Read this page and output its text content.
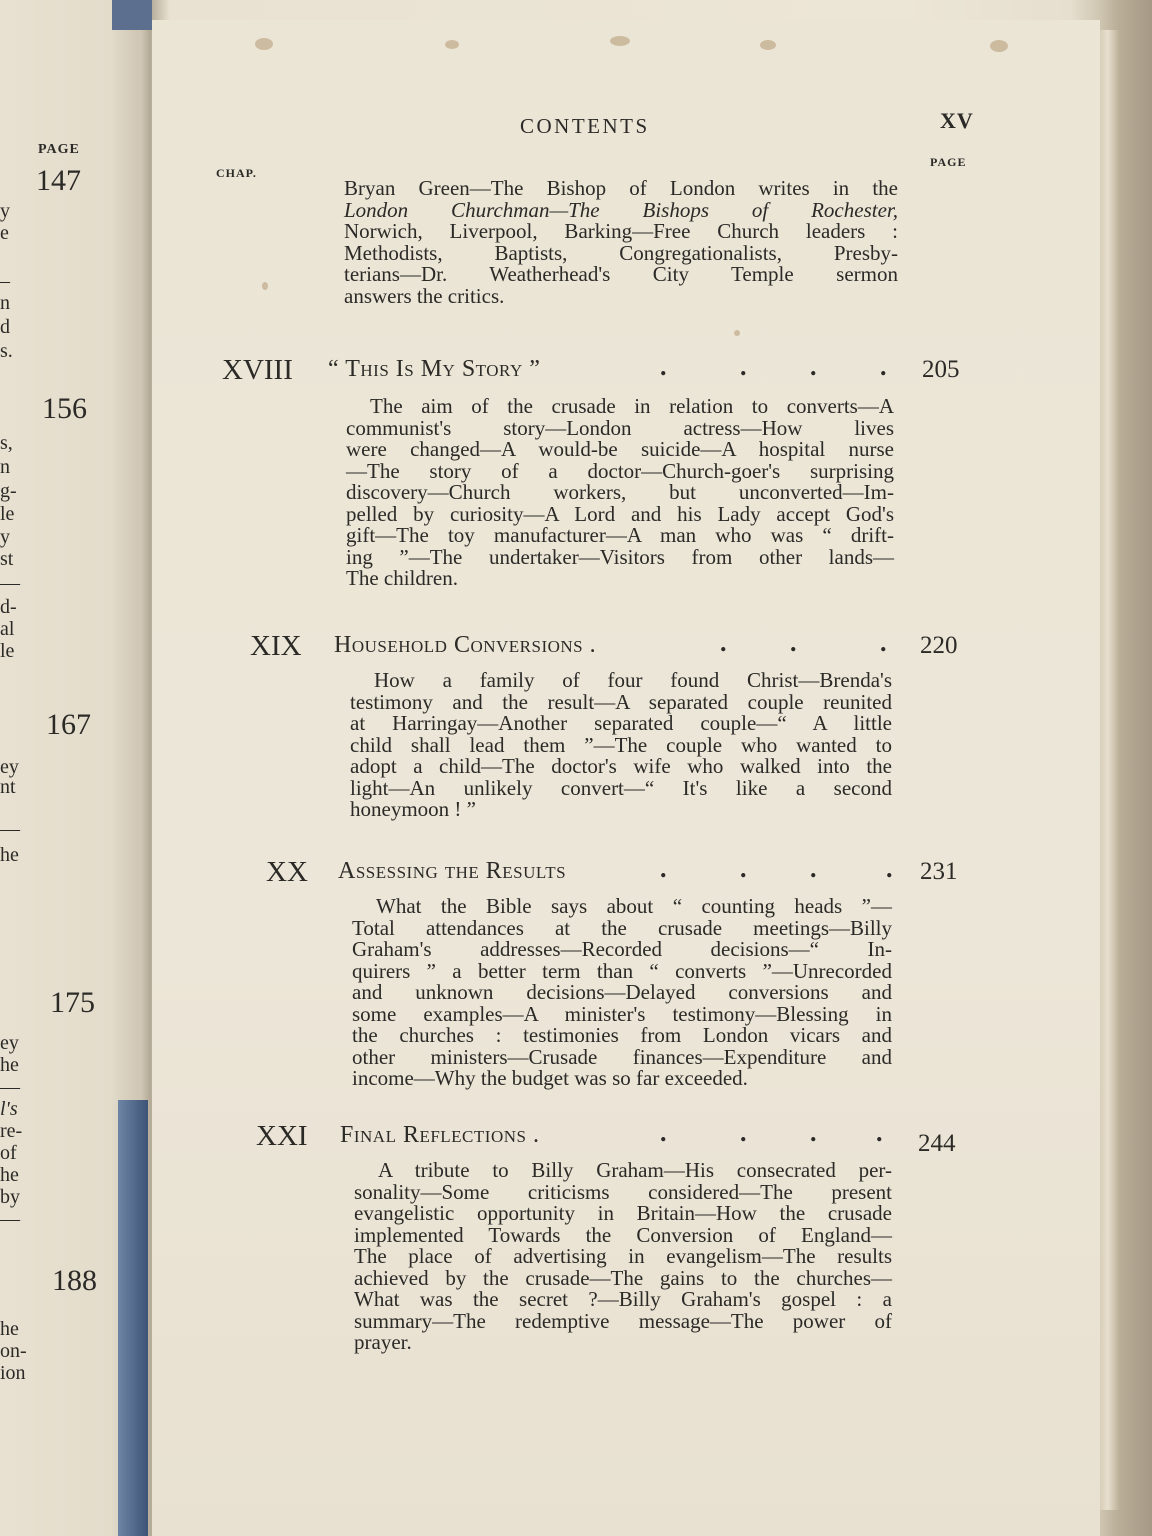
PAGE
147
156
167
175
188
y
e
–
n
d
s.
s,
n
g-
le
y
st
—
d-
al
le
ey
nt
—
he
ey
he
—
l's
re-
of
he
by
—
he
on-
ion
CONTENTS	XV
CHAP.
PAGE
Bryan Green—The Bishop of London writes in the
London Churchman—The Bishops of Rochester,
Norwich, Liverpool, Barking—Free Church leaders :
Methodists, Baptists, Congregationalists, Presby-
terians—Dr. Weatherhead's City Temple sermon
answers the critics.
XVIII “ This Is My Story ”	.	. . . 205
The aim of the crusade in relation to converts—A
communist's story—London actress—How lives
were changed—A would-be suicide—A hospital nurse
—The story of a doctor—Church-goer's surprising
discovery—Church workers, but unconverted—Im-
pelled by curiosity—A Lord and his Lady accept God's
gift—The toy manufacturer—A man who was “ drift-
ing ”—The undertaker—Visitors from other lands—
The children.
XIX Household Conversions .	. .	. 220
How a family of four found Christ—Brenda's
testimony and the result—A separated couple reunited
at Harringay—Another separated couple—“ A little
child shall lead them ”—The couple who wanted to
adopt a child—The doctor's wife who walked into the
light—An unlikely convert—“ It's like a second
honeymoon ! ”
XX Assessing the Results	.	. .	. 231
What the Bible says about “ counting heads ”—
Total attendances at the crusade meetings—Billy
Graham's addresses—Recorded decisions—“ In-
quirers ” a better term than “ converts ”—Unrecorded
and unknown decisions—Delayed conversions and
some examples—A minister's testimony—Blessing in
the churches : testimonies from London vicars and
other ministers—Crusade finances—Expenditure and
income—Why the budget was so far exceeded.
XXI Final Reflections .	.	. . . 244
A tribute to Billy Graham—His consecrated per-
sonality—Some criticisms considered—The present
evangelistic opportunity in Britain—How the crusade
implemented Towards the Conversion of England—
The place of advertising in evangelism—The results
achieved by the crusade—The gains to the churches—
What was the secret ?—Billy Graham's gospel : a
summary—The redemptive message—The power of
prayer.
